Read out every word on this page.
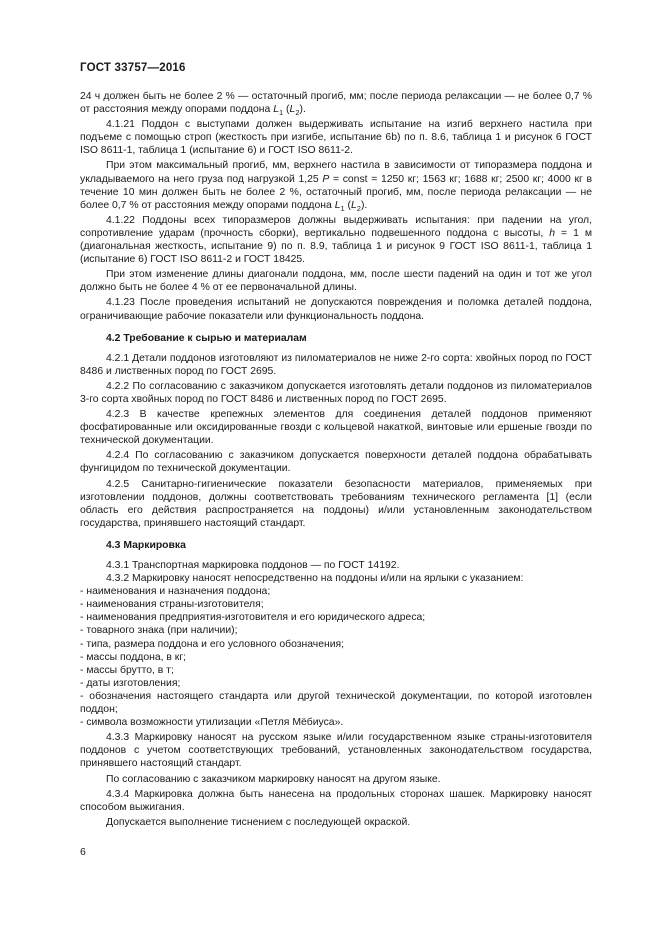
ГОСТ 33757—2016

24 ч должен быть не более 2 % — остаточный прогиб, мм; после периода релаксации — не более 0,7 % от расстояния между опорами поддона $L_1$ $(L_2)$.

4.1.21 Поддон с выступами должен выдерживать испытание на изгиб верхнего настила при подъеме с помощью строп (жесткость при изгибе, испытание 6b) по п. 8.6, таблица 1 и рисунок 6 ГОСТ ISO 8611-1, таблица 1 (испытание 6) и ГОСТ ISO 8611-2.

При этом максимальный прогиб, мм, верхнего настила в зависимости от типоразмера поддона и укладываемого на него груза под нагрузкой 1,25 P = const = 1250 кг; 1563 кг; 1688 кг; 2500 кг; 4000 кг в течение 10 мин должен быть не более 2 %, остаточный прогиб, мм, после периода релаксации — не более 0,7 % от расстояния между опорами поддона $L_1$ $(L_2)$.

4.1.22 Поддоны всех типоразмеров должны выдерживать испытания: при падении на угол, сопротивление ударам (прочность сборки), вертикально подвешенного поддона с высоты, h = 1 м (диагональная жесткость, испытание 9) по п. 8.9, таблица 1 и рисунок 9 ГОСТ ISO 8611-1, таблица 1 (испытание 6) ГОСТ ISO 8611-2 и ГОСТ 18425.

При этом изменение длины диагонали поддона, мм, после шести падений на один и тот же угол должно быть не более 4 % от ее первоначальной длины.

4.1.23 После проведения испытаний не допускаются повреждения и поломка деталей поддона, ограничивающие рабочие показатели или функциональность поддона.

4.2 Требование к сырью и материалам

4.2.1 Детали поддонов изготовляют из пиломатериалов не ниже 2-го сорта: хвойных пород по ГОСТ 8486 и лиственных пород по ГОСТ 2695.

4.2.2 По согласованию с заказчиком допускается изготовлять детали поддонов из пиломатериалов 3-го сорта хвойных пород по ГОСТ 8486 и лиственных пород по ГОСТ 2695.

4.2.3 В качестве крепежных элементов для соединения деталей поддонов применяют фосфатированные или оксидированные гвозди с кольцевой накаткой, винтовые или ершеные гвозди по технической документации.

4.2.4 По согласованию с заказчиком допускается поверхности деталей поддона обрабатывать фунгицидом по технической документации.

4.2.5 Санитарно-гигиенические показатели безопасности материалов, применяемых при изготовлении поддонов, должны соответствовать требованиям технического регламента [1] (если область его действия распространяется на поддоны) и/или установленным законодательством государства, принявшего настоящий стандарт.

4.3 Маркировка

4.3.1 Транспортная маркировка поддонов — по ГОСТ 14192.

4.3.2 Маркировку наносят непосредственно на поддоны и/или на ярлыки с указанием:

- наименования и назначения поддона;

- наименования страны-изготовителя;

- наименования предприятия-изготовителя и его юридического адреса;

- товарного знака (при наличии);

- типа, размера поддона и его условного обозначения;

- массы поддона, в кг;

- массы брутто, в т;

- даты изготовления;

- обозначения настоящего стандарта или другой технической документации, по которой изготовлен поддон;

- символа возможности утилизации «Петля Мёбиуса».

4.3.3 Маркировку наносят на русском языке и/или государственном языке страны-изготовителя поддонов с учетом соответствующих требований, установленных законодательством государства, принявшего настоящий стандарт.

По согласованию с заказчиком маркировку наносят на другом языке.

4.3.4 Маркировка должна быть нанесена на продольных сторонах шашек. Маркировку наносят способом выжигания.

Допускается выполнение тиснением с последующей окраской.

6
